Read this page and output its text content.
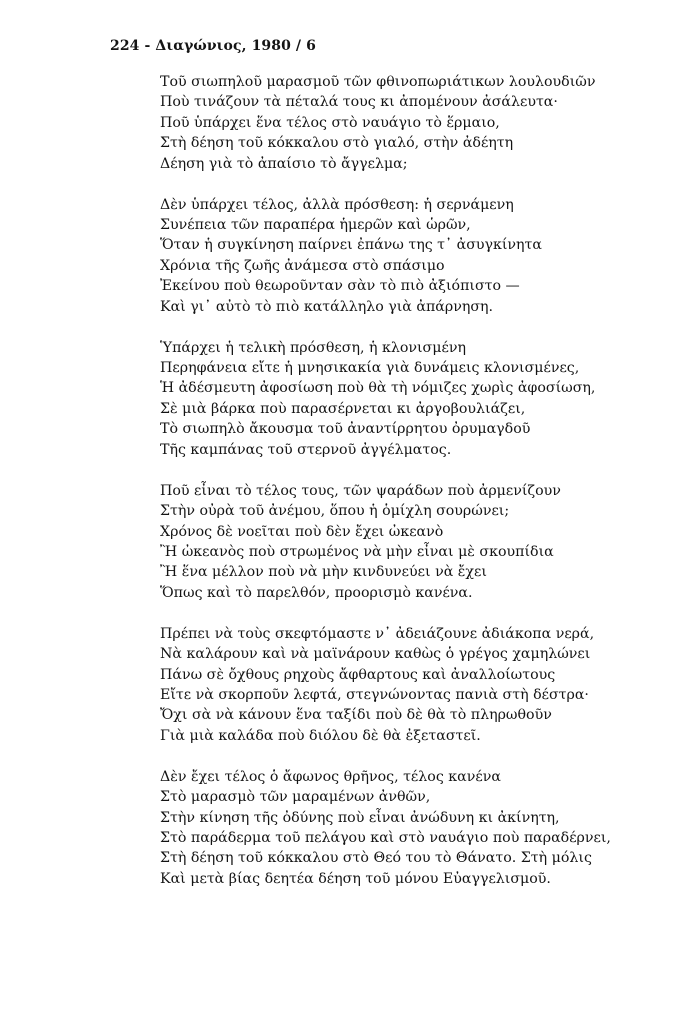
224 - Διαγώνιος, 1980 / 6
Τοῦ σιωπηλοῦ μαρασμοῦ τῶν φθινοπωριάτικων λουλουδιῶν
Ποὺ τινάζουν τὰ πέταλά τους κι ἀπομένουν ἀσάλευτα·
Ποῦ ὑπάρχει ἕνα τέλος στὸ ναυάγιο τὸ ἕρμαιο,
Στὴ δέηση τοῦ κόκκαλου στὸ γιαλό, στὴν ἀδέητη
Δέηση γιὰ τὸ ἀπαίσιο τὸ ἄγγελμα;
Δὲν ὑπάρχει τέλος, ἀλλὰ πρόσθεση: ἡ σερνάμενη
Συνέπεια τῶν παραπέρα ἡμερῶν καὶ ὡρῶν,
Ὅταν ἡ συγκίνηση παίρνει ἐπάνω της τ᾽ ἀσυγκίνητα
Χρόνια τῆς ζωῆς ἀνάμεσα στὸ σπάσιμο
Ἐκείνου ποὺ θεωροῦνταν σὰν τὸ πιὸ ἀξιόπιστο —
Καὶ γι᾽ αὐτὸ τὸ πιὸ κατάλληλο γιὰ ἀπάρνηση.
Ὑπάρχει ἡ τελικὴ πρόσθεση, ἡ κλονισμένη
Περηφάνεια εἴτε ἡ μνησικακία γιὰ δυνάμεις κλονισμένες,
Ἡ ἀδέσμευτη ἀφοσίωση ποὺ θὰ τὴ νόμιζες χωρὶς ἀφοσίωση,
Σὲ μιὰ βάρκα ποὺ παρασέρνεται κι ἀργοβουλιάζει,
Τὸ σιωπηλὸ ἄκουσμα τοῦ ἀναντίρρητου ὀρυμαγδοῦ
Τῆς καμπάνας τοῦ στερνοῦ ἀγγέλματος.
Ποῦ εἶναι τὸ τέλος τους, τῶν ψαράδων ποὺ ἀρμενίζουν
Στὴν οὐρὰ τοῦ ἀνέμου, ὅπου ἡ ὁμίχλη σουρώνει;
Χρόνος δὲ νοεῖται ποὺ δὲν ἔχει ὠκεανὸ
Ἢ ὠκεανὸς ποὺ στρωμένος νὰ μὴν εἶναι μὲ σκουπίδια
Ἢ ἕνα μέλλον ποὺ νὰ μὴν κινδυνεύει νὰ ἔχει
Ὅπως καὶ τὸ παρελθόν, προορισμὸ κανένα.
Πρέπει νὰ τοὺς σκεφτόμαστε ν᾽ ἀδειάζουνε ἀδιάκοπα νερά,
Νὰ καλάρουν καὶ νὰ μαϊνάρουν καθὼς ὁ γρέγος χαμηλώνει
Πάνω σὲ ὄχθους ρηχοὺς ἄφθαρτους καὶ ἀναλλοίωτους
Εἴτε νὰ σκορποῦν λεφτά, στεγνώνοντας πανιὰ στὴ δέστρα·
Ὄχι σὰ νὰ κάνουν ἕνα ταξίδι ποὺ δὲ θὰ τὸ πληρωθοῦν
Γιὰ μιὰ καλάδα ποὺ διόλου δὲ θὰ ἐξεταστεῖ.
Δὲν ἔχει τέλος ὁ ἄφωνος θρῆνος, τέλος κανένα
Στὸ μαρασμὸ τῶν μαραμένων ἀνθῶν,
Στὴν κίνηση τῆς ὀδύνης ποὺ εἶναι ἀνώδυνη κι ἀκίνητη,
Στὸ παράδερμα τοῦ πελάγου καὶ στὸ ναυάγιο ποὺ παραδέρνει,
Στὴ δέηση τοῦ κόκκαλου στὸ Θεό του τὸ Θάνατο. Στὴ μόλις
Καὶ μετὰ βίας δεητέα δέηση τοῦ μόνου Εὐαγγελισμοῦ.
